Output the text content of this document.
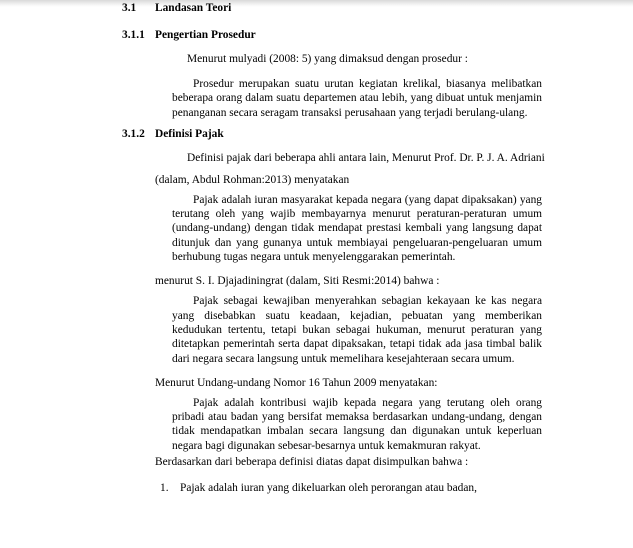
3.1	Landasan Teori
3.1.1 Pengertian Prosedur
Menurut mulyadi (2008: 5) yang dimaksud dengan prosedur :
Prosedur merupakan suatu urutan kegiatan krelikal, biasanya melibatkan beberapa orang dalam suatu departemen atau lebih, yang dibuat untuk menjamin penanganan secara seragam transaksi perusahaan yang terjadi berulang-ulang.
3.1.2 Definisi Pajak
Definisi pajak dari beberapa ahli antara lain, Menurut Prof. Dr. P. J. A. Adriani (dalam, Abdul Rohman:2013) menyatakan
Pajak adalah iuran masyarakat kepada negara (yang dapat dipaksakan) yang terutang oleh yang wajib membayarnya menurut peraturan-peraturan umum (undang-undang) dengan tidak mendapat prestasi kembali yang langsung dapat ditunjuk dan yang gunanya untuk membiayai pengeluaran-pengeluaran umum berhubung tugas negara untuk menyelenggarakan pemerintah.
menurut S. I. Djajadiningrat (dalam, Siti Resmi:2014) bahwa :
Pajak sebagai kewajiban menyerahkan sebagian kekayaan ke kas negara yang disebabkan suatu keadaan, kejadian, pebuatan yang memberikan kedudukan tertentu, tetapi bukan sebagai hukuman, menurut peraturan yang ditetapkan pemerintah serta dapat dipaksakan, tetapi tidak ada jasa timbal balik dari negara secara langsung untuk memelihara kesejahteraan secara umum.
Menurut Undang-undang Nomor 16 Tahun 2009 menyatakan:
Pajak adalah kontribusi wajib kepada negara yang terutang oleh orang pribadi atau badan yang bersifat memaksa berdasarkan undang-undang, dengan tidak mendapatkan imbalan secara langsung dan digunakan untuk keperluan negara bagi digunakan sebesar-besarnya untuk kemakmuran rakyat.
Berdasarkan dari beberapa definisi diatas dapat disimpulkan bahwa :
1.	Pajak adalah iuran yang dikeluarkan oleh perorangan atau badan,
